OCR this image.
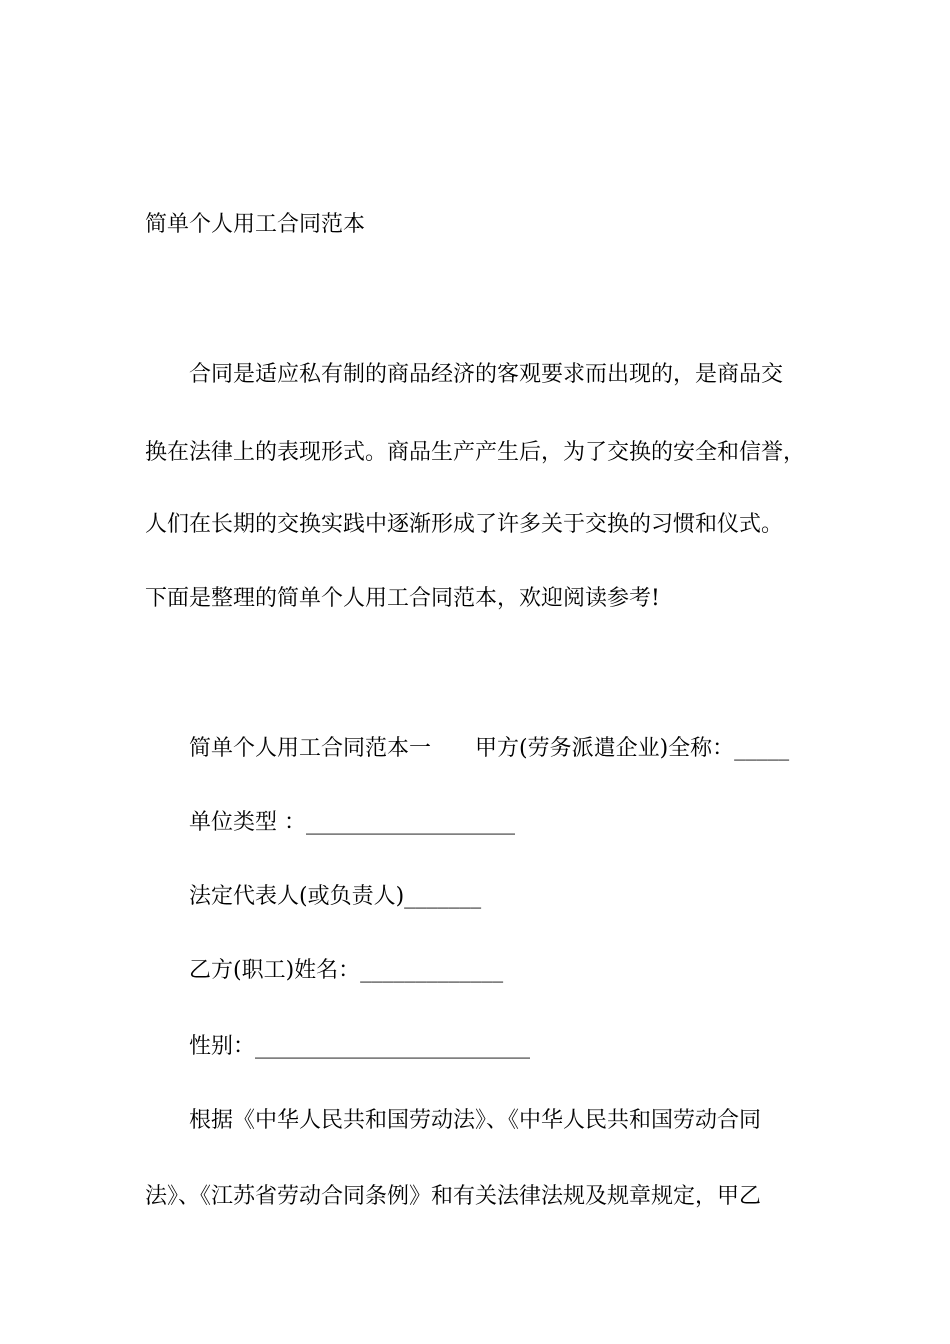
简单个人用工合同范本
合同是适应私有制的商品经济的客观要求而出现的，是商品交
换在法律上的表现形式。商品生产产生后，为了交换的安全和信誉，
人们在长期的交换实践中逐渐形成了许多关于交换的习惯和仪式。
下面是整理的简单个人用工合同范本，欢迎阅读参考!
简单个人用工合同范本一 甲方(劳务派遣企业)全称：_____
单位类型 ：___________________
法定代表人(或负责人)_______
乙方(职工)姓名：_____________
性别：_________________________
根据《中华人民共和国劳动法》、《中华人民共和国劳动合同
法》、《江苏省劳动合同条例》和有关法律法规及规章规定，甲乙
